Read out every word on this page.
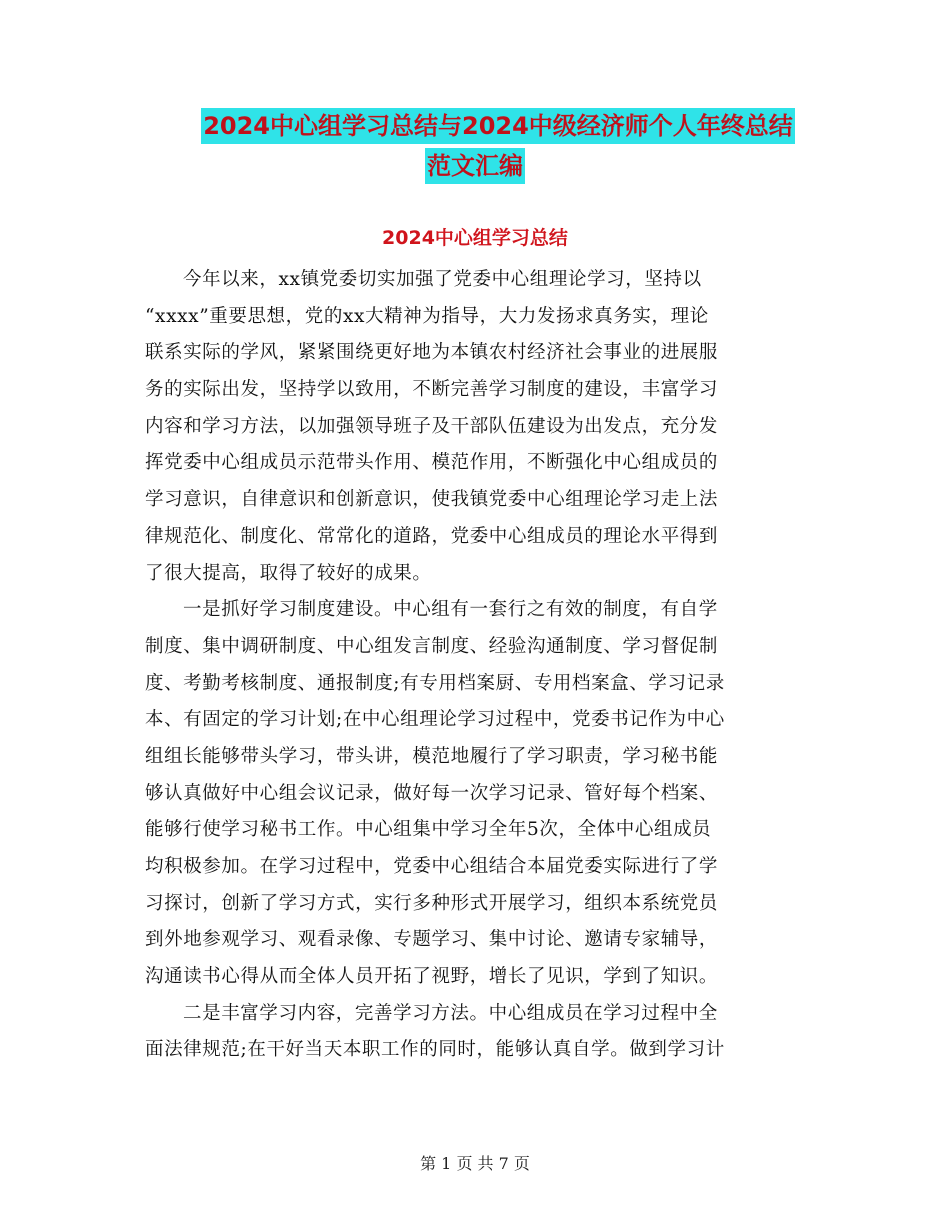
2024中心组学习总结与2024中级经济师个人年终总结
范文汇编
2024中心组学习总结
今年以来，xx镇党委切实加强了党委中心组理论学习，坚持以
“xxxx”重要思想，党的xx大精神为指导，大力发扬求真务实，理论
联系实际的学风，紧紧围绕更好地为本镇农村经济社会事业的进展服
务的实际出发，坚持学以致用，不断完善学习制度的建设，丰富学习
内容和学习方法，以加强领导班子及干部队伍建设为出发点，充分发
挥党委中心组成员示范带头作用、模范作用，不断强化中心组成员的
学习意识，自律意识和创新意识，使我镇党委中心组理论学习走上法
律规范化、制度化、常常化的道路，党委中心组成员的理论水平得到
了很大提高，取得了较好的成果。
一是抓好学习制度建设。中心组有一套行之有效的制度，有自学
制度、集中调研制度、中心组发言制度、经验沟通制度、学习督促制
度、考勤考核制度、通报制度;有专用档案厨、专用档案盒、学习记录
本、有固定的学习计划;在中心组理论学习过程中，党委书记作为中心
组组长能够带头学习，带头讲，模范地履行了学习职责，学习秘书能
够认真做好中心组会议记录，做好每一次学习记录、管好每个档案、
能够行使学习秘书工作。中心组集中学习全年5次，全体中心组成员
均积极参加。在学习过程中，党委中心组结合本届党委实际进行了学
习探讨，创新了学习方式，实行多种形式开展学习，组织本系统党员
到外地参观学习、观看录像、专题学习、集中讨论、邀请专家辅导，
沟通读书心得从而全体人员开拓了视野，增长了见识，学到了知识。
二是丰富学习内容，完善学习方法。中心组成员在学习过程中全
面法律规范;在干好当天本职工作的同时，能够认真自学。做到学习计
第 1 页 共 7 页
